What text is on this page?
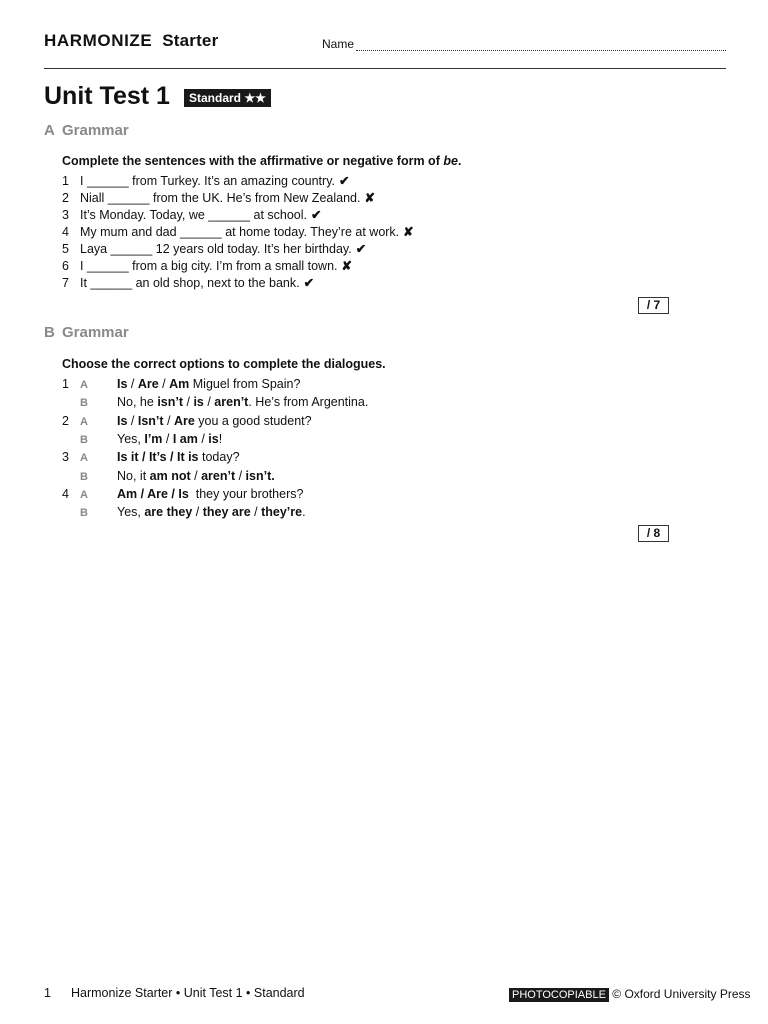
HARMONIZE Starter	Name
Unit Test 1	Standard ★★
A Grammar
Complete the sentences with the affirmative or negative form of be.
1 I ______ from Turkey. It’s an amazing country. ✔
2 Niall ______ from the UK. He’s from New Zealand. ✘
3 It’s Monday. Today, we ______ at school. ✔
4 My mum and dad ______ at home today. They’re at work. ✘
5 Laya ______ 12 years old today. It’s her birthday. ✔
6 I ______ from a big city. I’m from a small town. ✘
7 It ______ an old shop, next to the bank. ✔
/ 7
B Grammar
Choose the correct options to complete the dialogues.
1 A Is / Are / Am Miguel from Spain?
B No, he isn’t / is / aren’t. He’s from Argentina.
2 A Is / Isn’t / Are you a good student?
B Yes, I’m / I am / is!
3 A Is it / It’s / It is today?
B No, it am not / aren’t / isn’t.
4 A Am / Are / Is  they your brothers?
B Yes, are they / they are / they’re.
/ 8
1 Harmonize Starter • Unit Test 1 • Standard	PHOTOCOPIABLE © Oxford University Press
